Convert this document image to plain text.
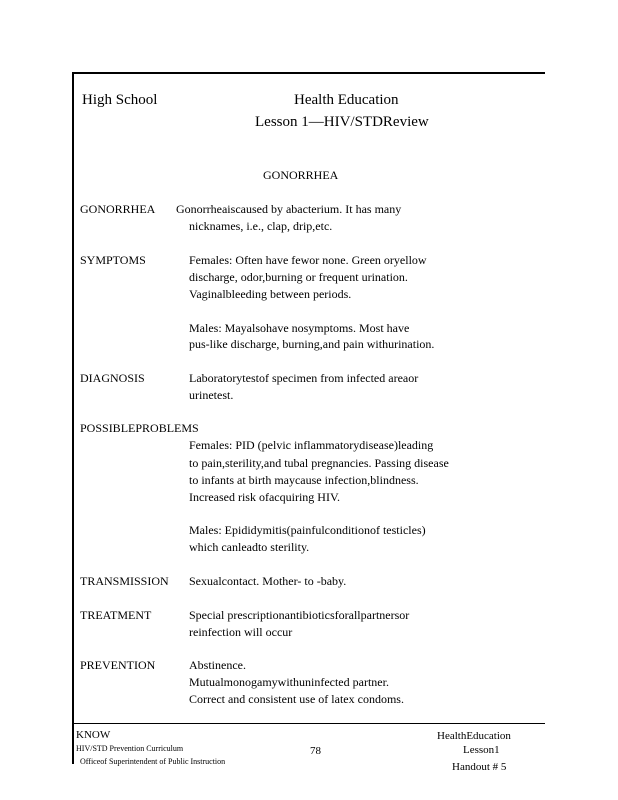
High School	Health Education
Lesson 1—HIV/STDReview
GONORRHEA
GONORRHEA Gonorrheaiscaused by abacterium. It has many
nicknames, i.e., clap, drip,etc.
SYMPTOMS	Females: Often have fewor none. Green oryellow
discharge, odor,burning or frequent urination.
Vaginalbleeding between periods.
Males: Mayalsohave nosymptoms. Most have
pus-like discharge, burning,and pain withurination.
DIAGNOSIS	Laboratorytestof specimen from infected areaor
urinetest.
POSSIBLEPROBLEMS
Females: PID (pelvic inflammatorydisease)leading
to pain,sterility,and tubal pregnancies. Passing disease
to infants at birth maycause infection,blindness.
Increased risk ofacquiring HIV.
Males: Epididymitis(painfulconditionof testicles)
which canleadto sterility.
TRANSMISSION Sexualcontact. Mother- to -baby.
TREATMENT	Special prescriptionantibioticsforallpartnersor
reinfection will occur
PREVENTION	Abstinence.
Mutualmonogamywithuninfected partner.
Correct and consistent use of latex condoms.
KNOW
HIV/STD Prevention Curriculum
Officeof Superintendent of Public Instruction
78
HealthEducation
Lesson1
Handout # 5
